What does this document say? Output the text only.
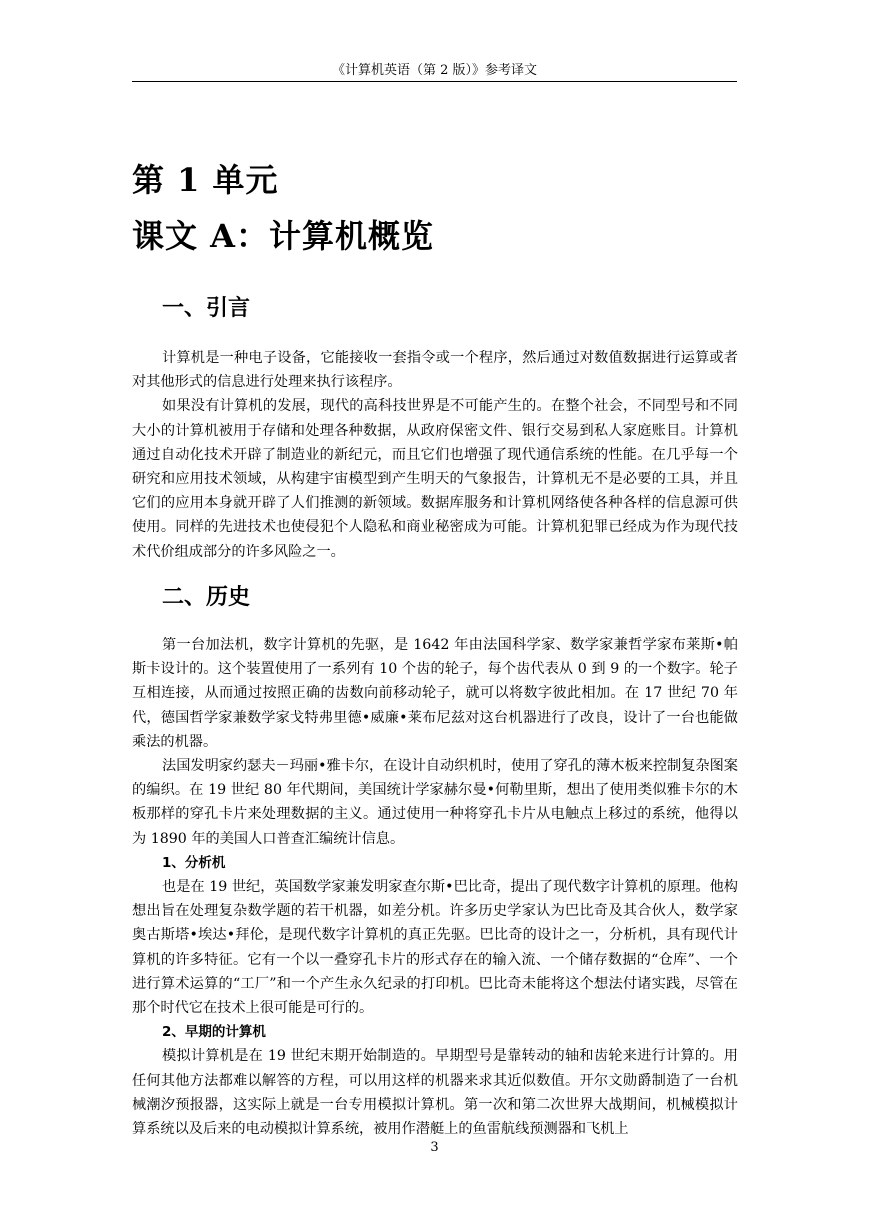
《计算机英语（第 2 版）》参考译文
第 1 单元
课文 A：计算机概览
一、引言

计算机是一种电子设备，它能接收一套指令或一个程序，然后通过对数值数据进行运算或者对其他形式的信息进行处理来执行该程序。

如果没有计算机的发展，现代的高科技世界是不可能产生的。在整个社会，不同型号和不同大小的计算机被用于存储和处理各种数据，从政府保密文件、银行交易到私人家庭账目。计算机通过自动化技术开辟了制造业的新纪元，而且它们也增强了现代通信系统的性能。在几乎每一个研究和应用技术领域，从构建宇宙模型到产生明天的气象报告，计算机无不是必要的工具，并且它们的应用本身就开辟了人们推测的新领域。数据库服务和计算机网络使各种各样的信息源可供使用。同样的先进技术也使侵犯个人隐私和商业秘密成为可能。计算机犯罪已经成为作为现代技术代价组成部分的许多风险之一。

二、历史

第一台加法机，数字计算机的先驱，是 1642 年由法国科学家、数学家兼哲学家布莱斯•帕斯卡设计的。这个装置使用了一系列有 10 个齿的轮子，每个齿代表从 0 到 9 的一个数字。轮子互相连接，从而通过按照正确的齿数向前移动轮子，就可以将数字彼此相加。在 17 世纪 70 年代，德国哲学家兼数学家戈特弗里德•威廉•莱布尼兹对这台机器进行了改良，设计了一台也能做乘法的机器。

法国发明家约瑟夫－玛丽•雅卡尔，在设计自动织机时，使用了穿孔的薄木板来控制复杂图案的编织。在 19 世纪 80 年代期间，美国统计学家赫尔曼•何勒里斯，想出了使用类似雅卡尔的木板那样的穿孔卡片来处理数据的主义。通过使用一种将穿孔卡片从电触点上移过的系统，他得以为 1890 年的美国人口普查汇编统计信息。

1、分析机

也是在 19 世纪，英国数学家兼发明家查尔斯•巴比奇，提出了现代数字计算机的原理。他构想出旨在处理复杂数学题的若干机器，如差分机。许多历史学家认为巴比奇及其合伙人，数学家奥古斯塔•埃达•拜伦，是现代数字计算机的真正先驱。巴比奇的设计之一，分析机，具有现代计算机的许多特征。它有一个以一叠穿孔卡片的形式存在的输入流、一个储存数据的“仓库”、一个进行算术运算的“工厂”和一个产生永久纪录的打印机。巴比奇未能将这个想法付诸实践，尽管在那个时代它在技术上很可能是可行的。

2、早期的计算机

模拟计算机是在 19 世纪末期开始制造的。早期型号是靠转动的轴和齿轮来进行计算的。用任何其他方法都难以解答的方程，可以用这样的机器来求其近似数值。开尔文勋爵制造了一台机械潮汐预报器，这实际上就是一台专用模拟计算机。第一次和第二次世界大战期间，机械模拟计算系统以及后来的电动模拟计算系统，被用作潜艇上的鱼雷航线预测器和飞机上

3
